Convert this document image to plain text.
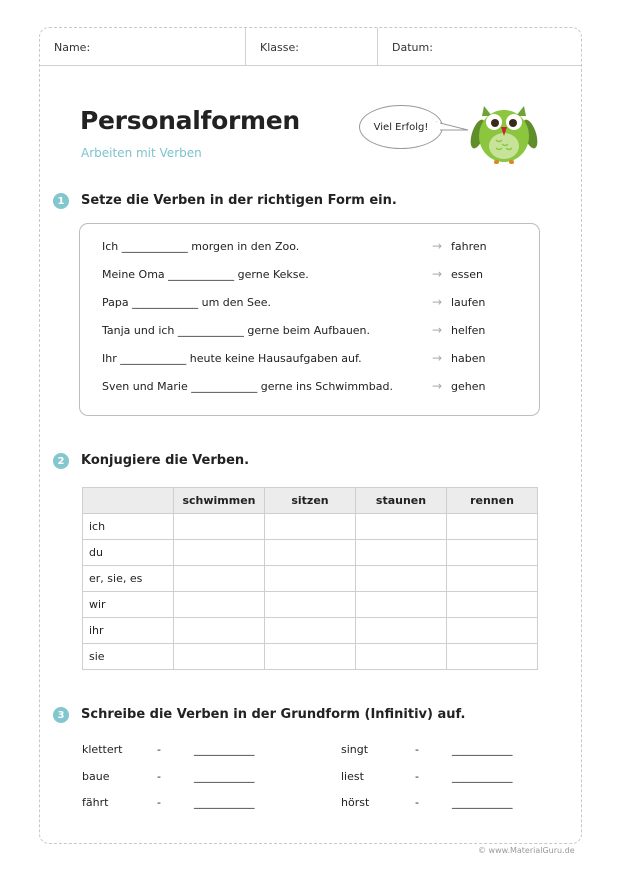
Name:	Klasse:	Datum:
Personalformen
Arbeiten mit Verben
Viel Erfolg!
1	Setze die Verben in der richtigen Form ein.
Ich ____________ morgen in den Zoo.	→ fahren
Meine Oma ____________ gerne Kekse.	→ essen
Papa ____________ um den See.	→ laufen
Tanja und ich ____________ gerne beim Aufbauen.	→ helfen
Ihr ____________ heute keine Hausaufgaben auf.	→ haben
Sven und Marie ____________ gerne ins Schwimmbad.	→ gehen
2	Konjugiere die Verben.
	schwimmen	sitzen	staunen	rennen
ich				
du				
er, sie, es				
wir				
ihr				
sie				
3	Schreibe die Verben in der Grundform (Infinitiv) auf.
klettert	-	___________
baue	-	___________
fährt	-	___________
singt	-	___________
liest	-	___________
hörst	-	___________
© www.MaterialGuru.de
